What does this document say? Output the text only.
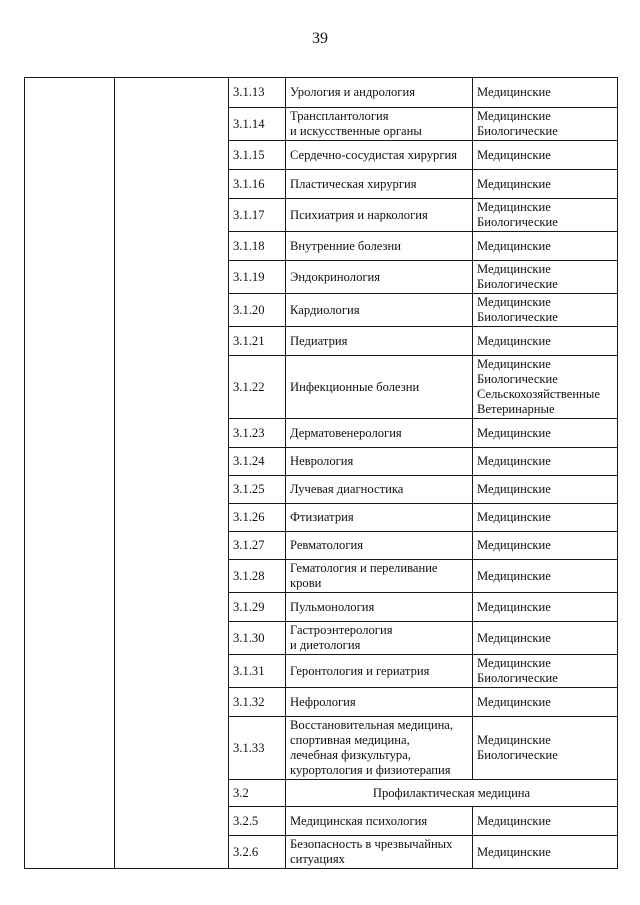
39
		3.1.13	Урология и андрология	Медицинские

		3.1.14	Трансплантология
и искусственные органы	Медицинские
Биологические

		3.1.15	Сердечно-сосудистая хирургия	Медицинские

		3.1.16	Пластическая хирургия	Медицинские

		3.1.17	Психиатрия и наркология	Медицинские
Биологические

		3.1.18	Внутренние болезни	Медицинские

		3.1.19	Эндокринология	Медицинские
Биологические

		3.1.20	Кардиология	Медицинские
Биологические

		3.1.21	Педиатрия	Медицинские

		3.1.22	Инфекционные болезни	Медицинские
Биологические
Сельскохозяйственные
Ветеринарные

		3.1.23	Дерматовенерология	Медицинские

		3.1.24	Неврология	Медицинские

		3.1.25	Лучевая диагностика	Медицинские

		3.1.26	Фтизиатрия	Медицинские

		3.1.27	Ревматология	Медицинские

		3.1.28	Гематология и переливание
крови	Медицинские

		3.1.29	Пульмонология	Медицинские

		3.1.30	Гастроэнтерология
и диетология	Медицинские

		3.1.31	Геронтология и гериатрия	Медицинские
Биологические

		3.1.32	Нефрология	Медицинские

		3.1.33	Восстановительная медицина,
спортивная медицина,
лечебная физкультура,
курортология и физиотерапия	Медицинские
Биологические

		3.2	Профилактическая медицина	
		3.2.5	Медицинская психология	Медицинские

		3.2.6	Безопасность в чрезвычайных
ситуациях	Медицинские
